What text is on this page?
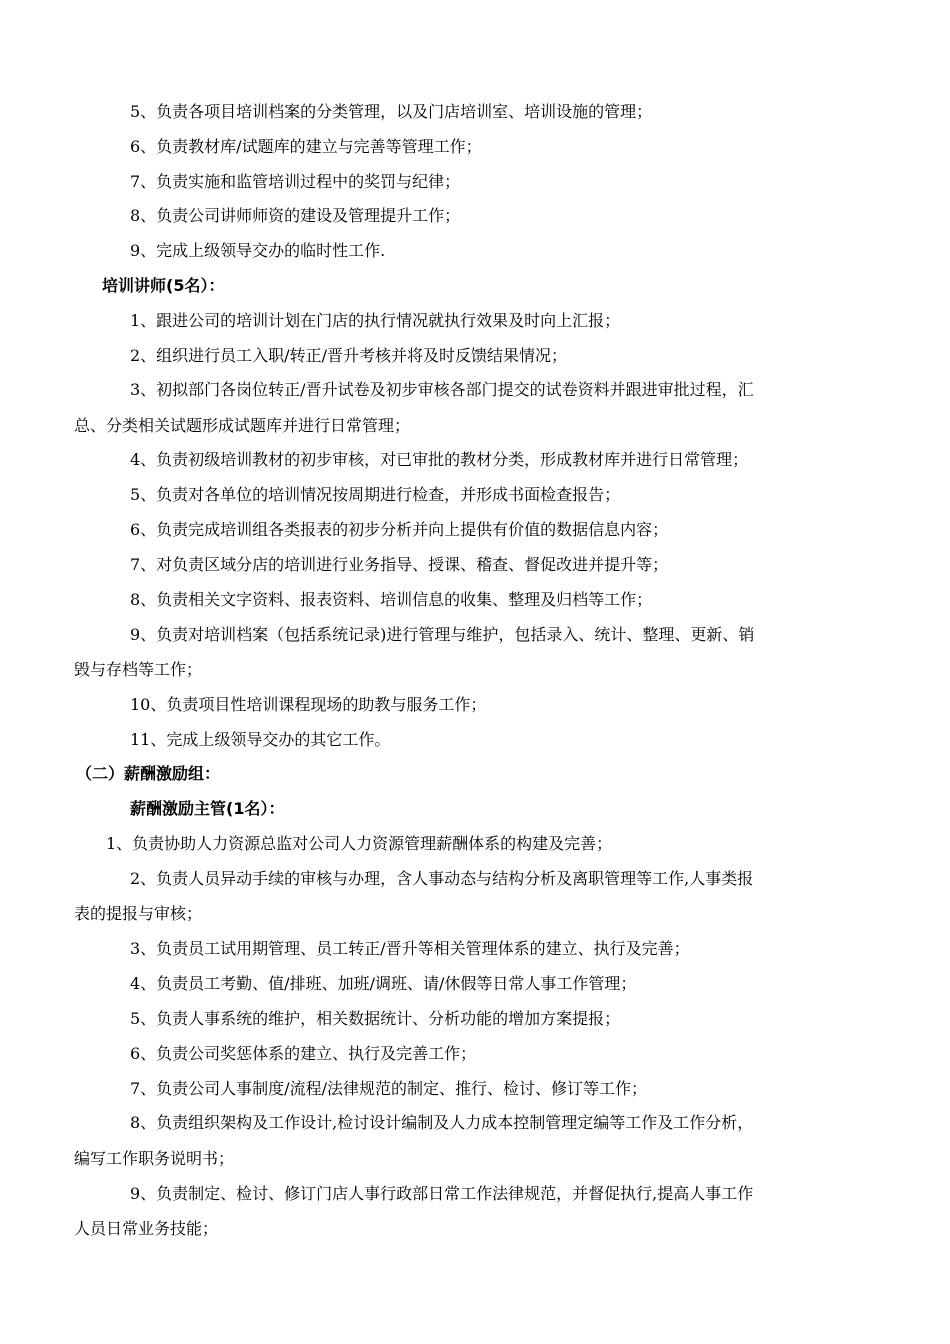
5、负责各项目培训档案的分类管理，以及门店培训室、培训设施的管理；
6、负责教材库/试题库的建立与完善等管理工作；
7、负责实施和监管培训过程中的奖罚与纪律；
8、负责公司讲师师资的建设及管理提升工作；
9、完成上级领导交办的临时性工作.
培训讲师(5名）：
1、跟进公司的培训计划在门店的执行情况就执行效果及时向上汇报；
2、组织进行员工入职/转正/晋升考核并将及时反馈结果情况；
3、初拟部门各岗位转正/晋升试卷及初步审核各部门提交的试卷资料并跟进审批过程，汇
总、分类相关试题形成试题库并进行日常管理；
4、负责初级培训教材的初步审核，对已审批的教材分类，形成教材库并进行日常管理；
5、负责对各单位的培训情况按周期进行检查，并形成书面检查报告；
6、负责完成培训组各类报表的初步分析并向上提供有价值的数据信息内容；
7、对负责区域分店的培训进行业务指导、授课、稽查、督促改进并提升等；
8、负责相关文字资料、报表资料、培训信息的收集、整理及归档等工作；
9、负责对培训档案（包括系统记录)进行管理与维护，包括录入、统计、整理、更新、销
毁与存档等工作；
10、负责项目性培训课程现场的助教与服务工作；
11、完成上级领导交办的其它工作。
（二）薪酬激励组：
薪酬激励主管(1名）：
1、负责协助人力资源总监对公司人力资源管理薪酬体系的构建及完善；
2、负责人员异动手续的审核与办理，含人事动态与结构分析及离职管理等工作,人事类报
表的提报与审核；
3、负责员工试用期管理、员工转正/晋升等相关管理体系的建立、执行及完善；
4、负责员工考勤、值/排班、加班/调班、请/休假等日常人事工作管理；
5、负责人事系统的维护，相关数据统计、分析功能的增加方案提报；
6、负责公司奖惩体系的建立、执行及完善工作；
7、负责公司人事制度/流程/法律规范的制定、推行、检讨、修订等工作；
8、负责组织架构及工作设计,检讨设计编制及人力成本控制管理定编等工作及工作分析，
编写工作职务说明书；
9、负责制定、检讨、修订门店人事行政部日常工作法律规范，并督促执行,提高人事工作
人员日常业务技能；
